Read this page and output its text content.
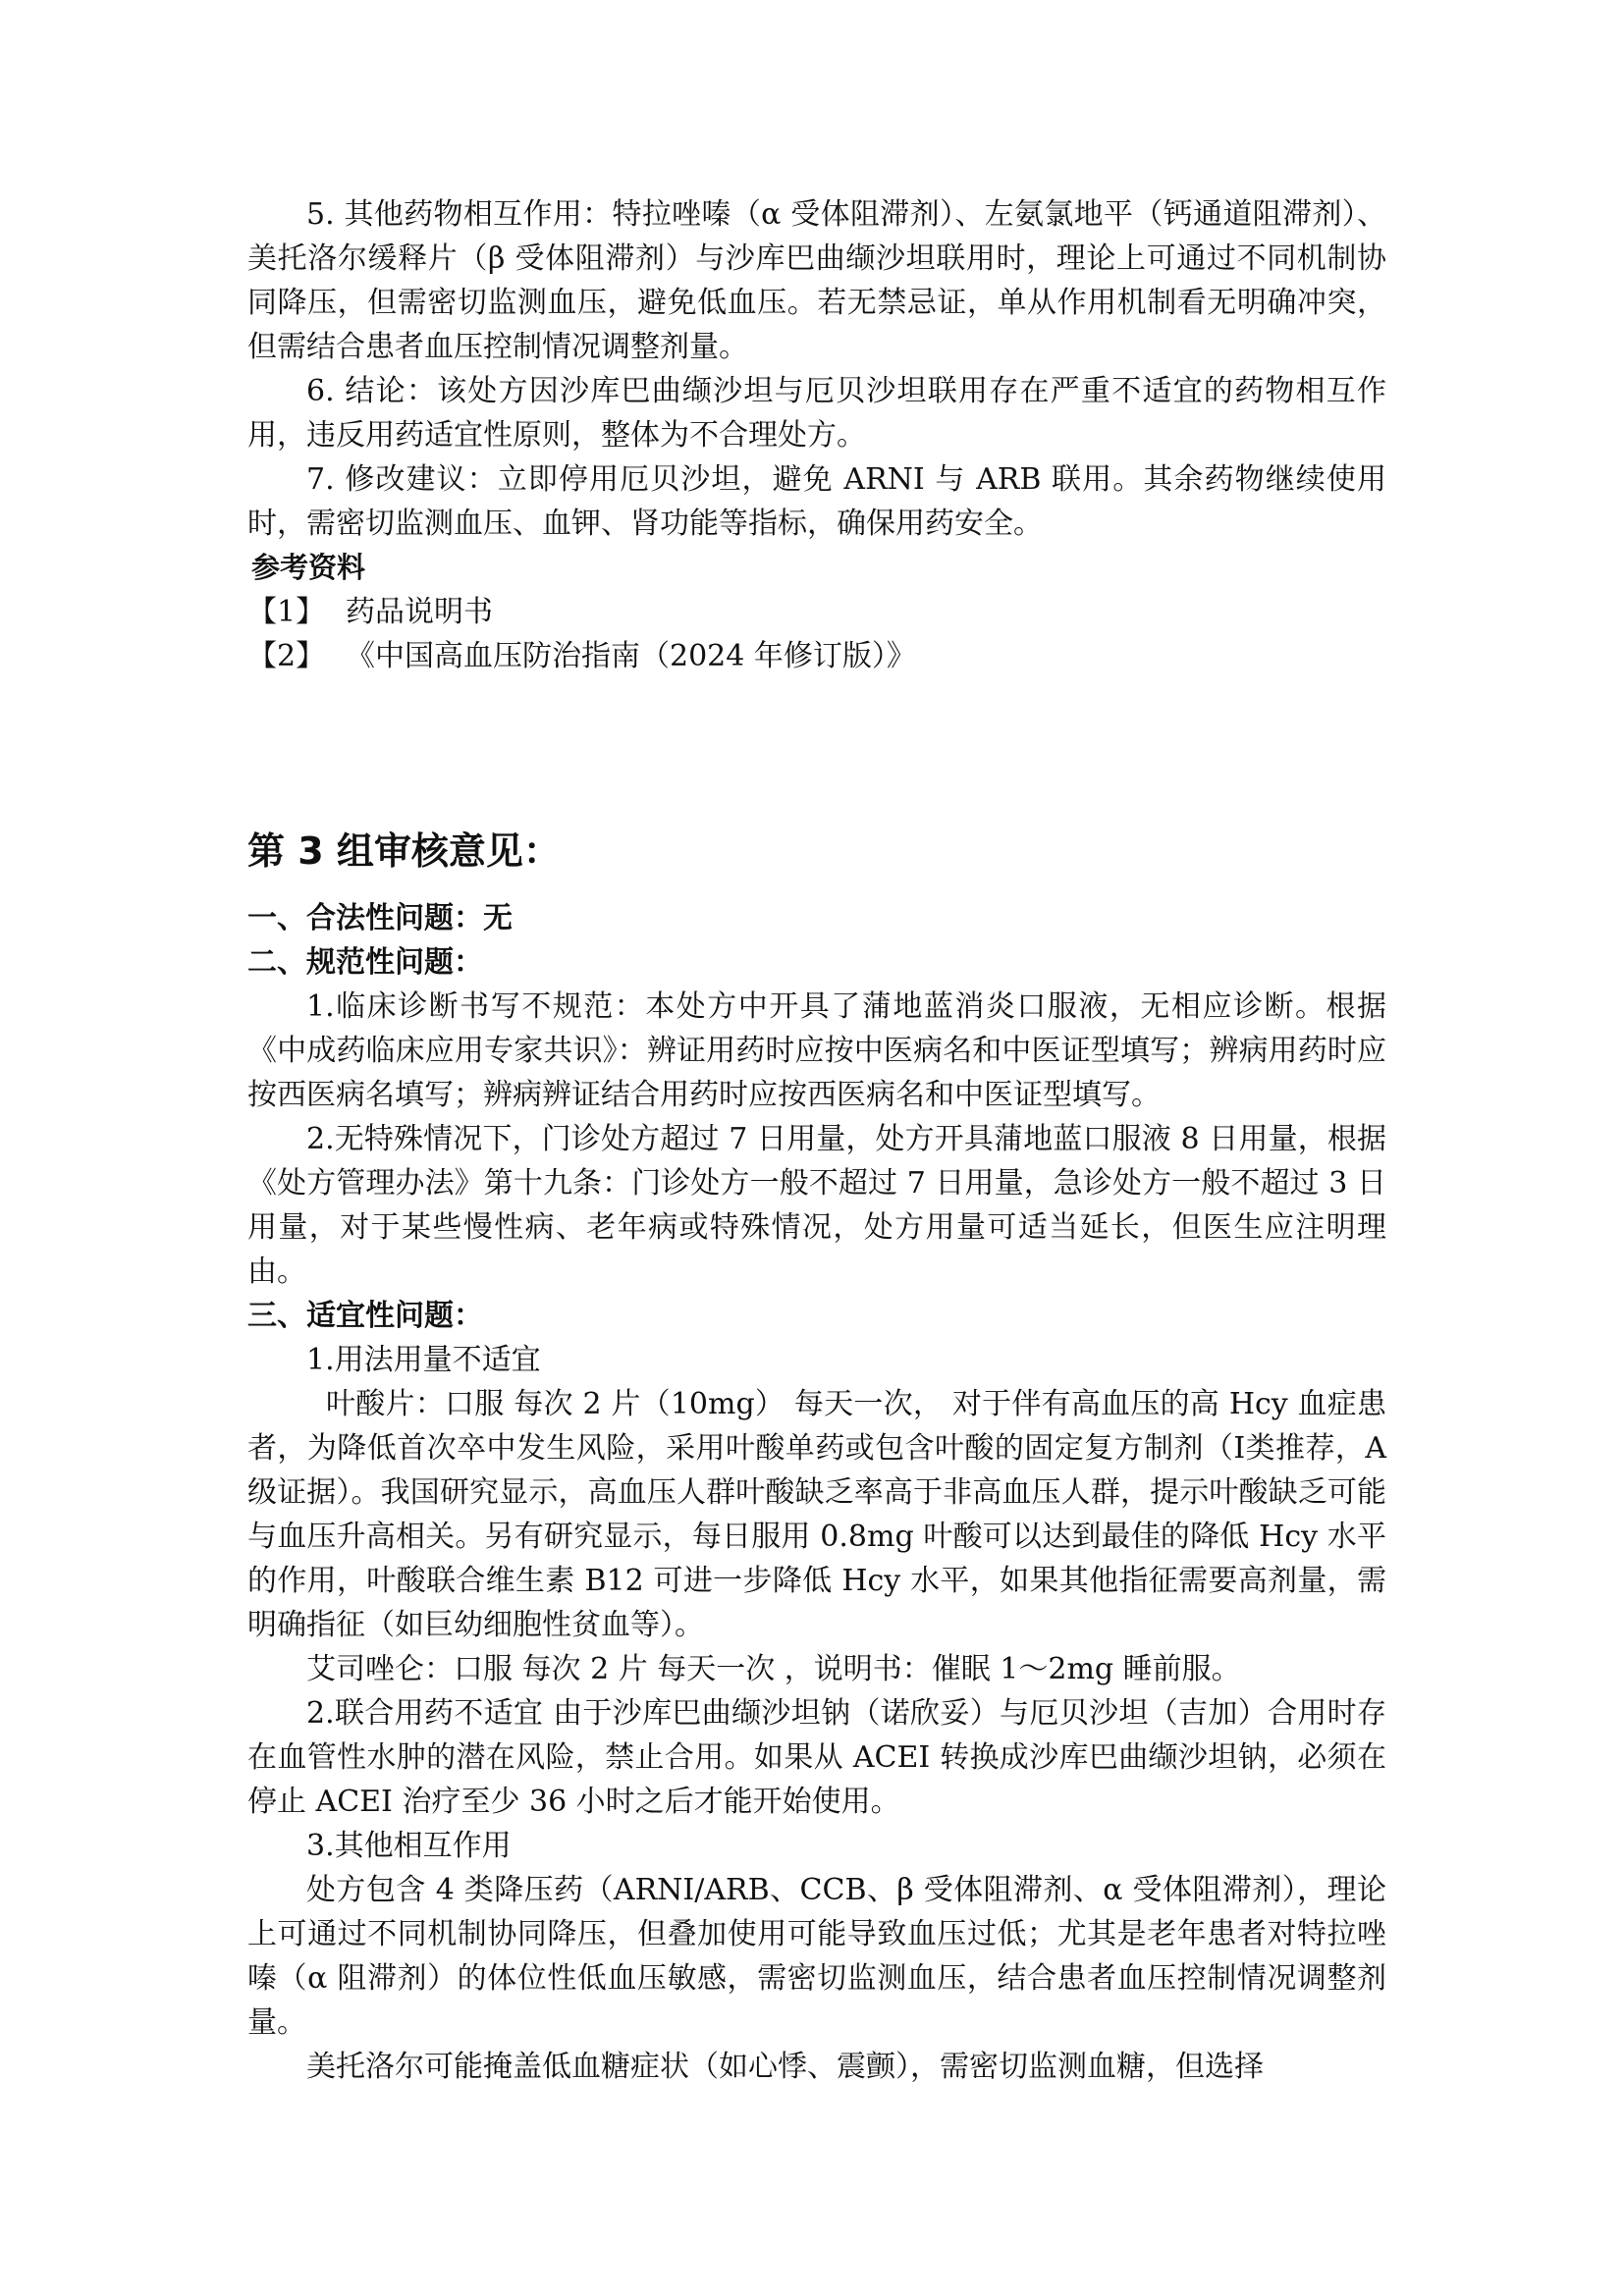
5. 其他药物相互作用：特拉唑嗪（α 受体阻滞剂）、左氨氯地平（钙通道阻滞剂）、美托洛尔缓释片（β 受体阻滞剂）与沙库巴曲缬沙坦联用时，理论上可通过不同机制协同降压，但需密切监测血压，避免低血压。若无禁忌证，单从作用机制看无明确冲突，但需结合患者血压控制情况调整剂量。

6. 结论：该处方因沙库巴曲缬沙坦与厄贝沙坦联用存在严重不适宜的药物相互作用，违反用药适宜性原则，整体为不合理处方。

7. 修改建议：立即停用厄贝沙坦，避免 ARNI 与 ARB 联用。其余药物继续使用时，需密切监测血压、血钾、肾功能等指标，确保用药安全。

参考资料

【1】 药品说明书

【2】 《中国高血压防治指南（2024 年修订版）》

第 3 组审核意见：

一、合法性问题：无

二、规范性问题：

1.临床诊断书写不规范：本处方中开具了蒲地蓝消炎口服液，无相应诊断。根据《中成药临床应用专家共识》：辨证用药时应按中医病名和中医证型填写；辨病用药时应按西医病名填写；辨病辨证结合用药时应按西医病名和中医证型填写。

2.无特殊情况下，门诊处方超过 7 日用量，处方开具蒲地蓝口服液 8 日用量，根据《处方管理办法》第十九条：门诊处方一般不超过 7 日用量，急诊处方一般不超过 3 日用量，对于某些慢性病、老年病或特殊情况，处方用量可适当延长，但医生应注明理由。

三、适宜性问题：

1.用法用量不适宜

叶酸片：口服 每次 2 片（10mg） 每天一次， 对于伴有高血压的高 Hcy 血症患者，为降低首次卒中发生风险，采用叶酸单药或包含叶酸的固定复方制剂（Ⅰ类推荐，A 级证据）。我国研究显示，高血压人群叶酸缺乏率高于非高血压人群，提示叶酸缺乏可能与血压升高相关。另有研究显示，每日服用 0.8mg 叶酸可以达到最佳的降低 Hcy 水平的作用，叶酸联合维生素 B12 可进一步降低 Hcy 水平，如果其他指征需要高剂量，需明确指征（如巨幼细胞性贫血等）。

艾司唑仑：口服 每次 2 片 每天一次 ，说明书：催眠 1～2mg 睡前服。

2.联合用药不适宜 由于沙库巴曲缬沙坦钠（诺欣妥）与厄贝沙坦（吉加）合用时存在血管性水肿的潜在风险，禁止合用。如果从 ACEI 转换成沙库巴曲缬沙坦钠，必须在停止 ACEI 治疗至少 36 小时之后才能开始使用。

3.其他相互作用

处方包含 4 类降压药（ARNI/ARB、CCB、β 受体阻滞剂、α 受体阻滞剂），理论上可通过不同机制协同降压，但叠加使用可能导致血压过低；尤其是老年患者对特拉唑嗪（α 阻滞剂）的体位性低血压敏感，需密切监测血压，结合患者血压控制情况调整剂量。

美托洛尔可能掩盖低血糖症状（如心悸、震颤），需密切监测血糖，但选择
